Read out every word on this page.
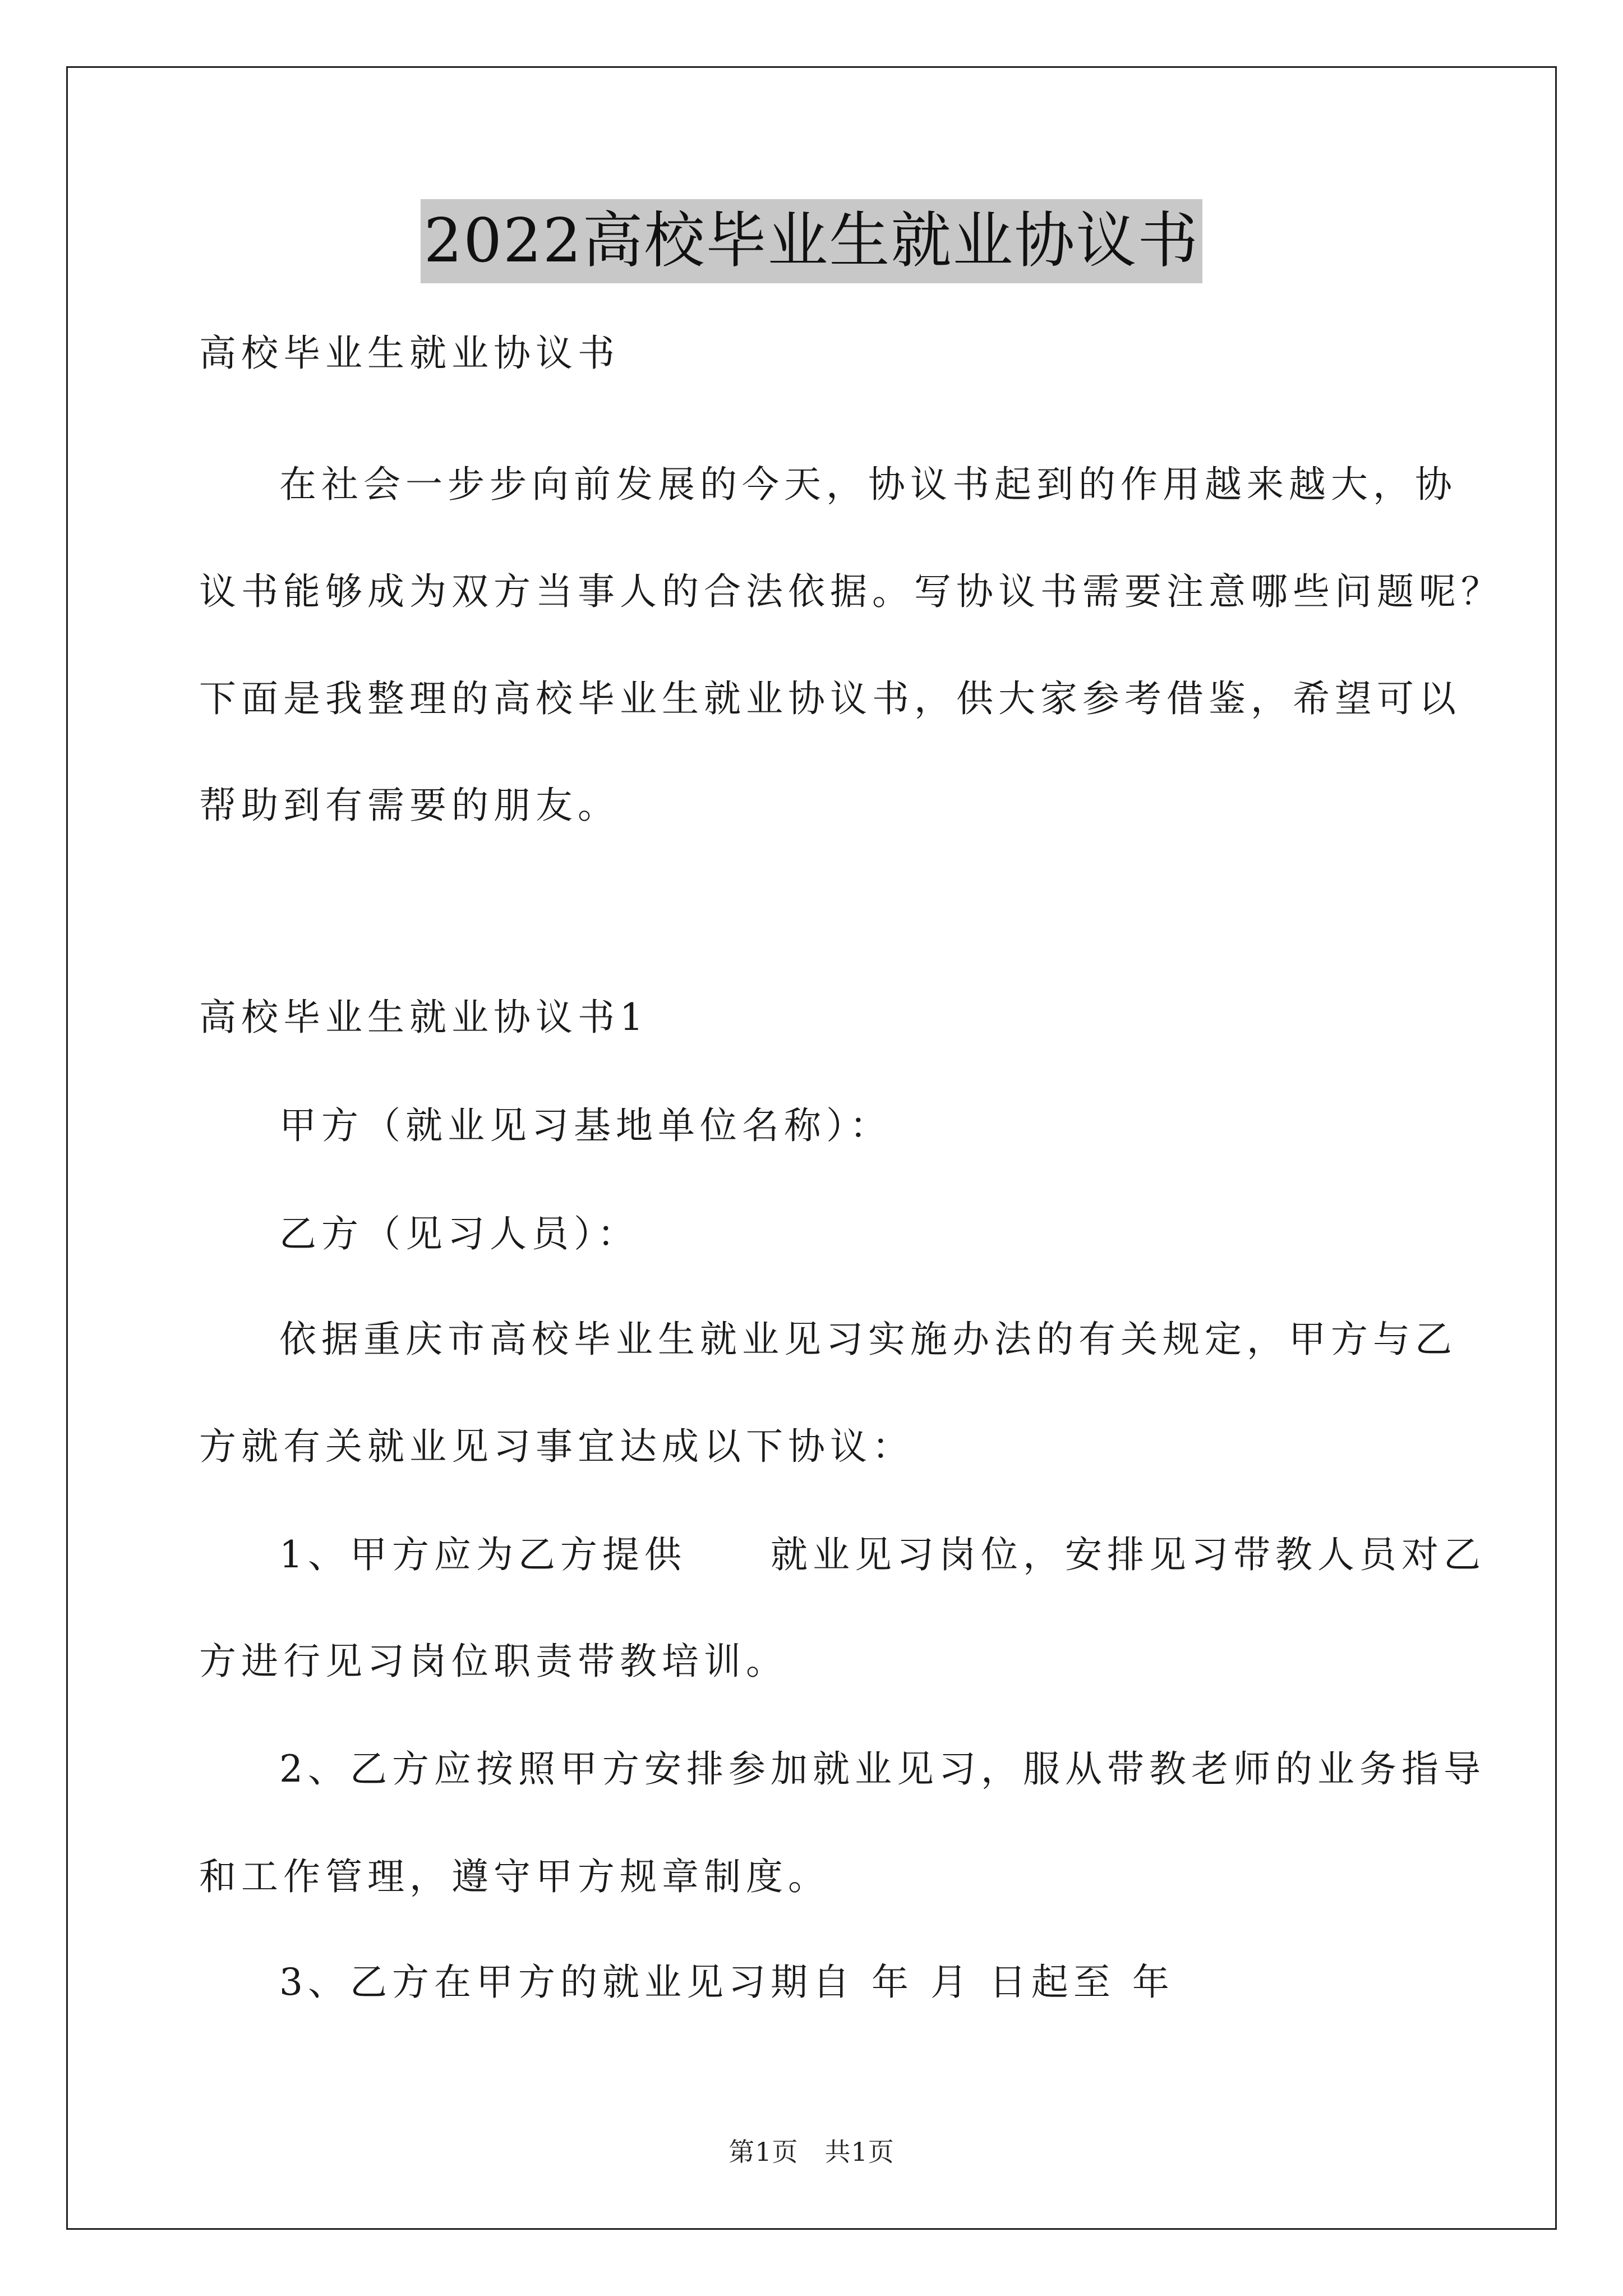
2022高校毕业生就业协议书
高校毕业生就业协议书
在社会一步步向前发展的今天，协议书起到的作用越来越大，协
议书能够成为双方当事人的合法依据。写协议书需要注意哪些问题呢？
下面是我整理的高校毕业生就业协议书，供大家参考借鉴，希望可以
帮助到有需要的朋友。
高校毕业生就业协议书1
甲方（就业见习基地单位名称）：
乙方（见习人员）：
依据重庆市高校毕业生就业见习实施办法的有关规定，甲方与乙
方就有关就业见习事宜达成以下协议：
1、甲方应为乙方提供　　就业见习岗位，安排见习带教人员对乙
方进行见习岗位职责带教培训。
2、乙方应按照甲方安排参加就业见习，服从带教老师的业务指导
和工作管理，遵守甲方规章制度。
3、乙方在甲方的就业见习期自 年 月 日起至 年
第1页　共1页
